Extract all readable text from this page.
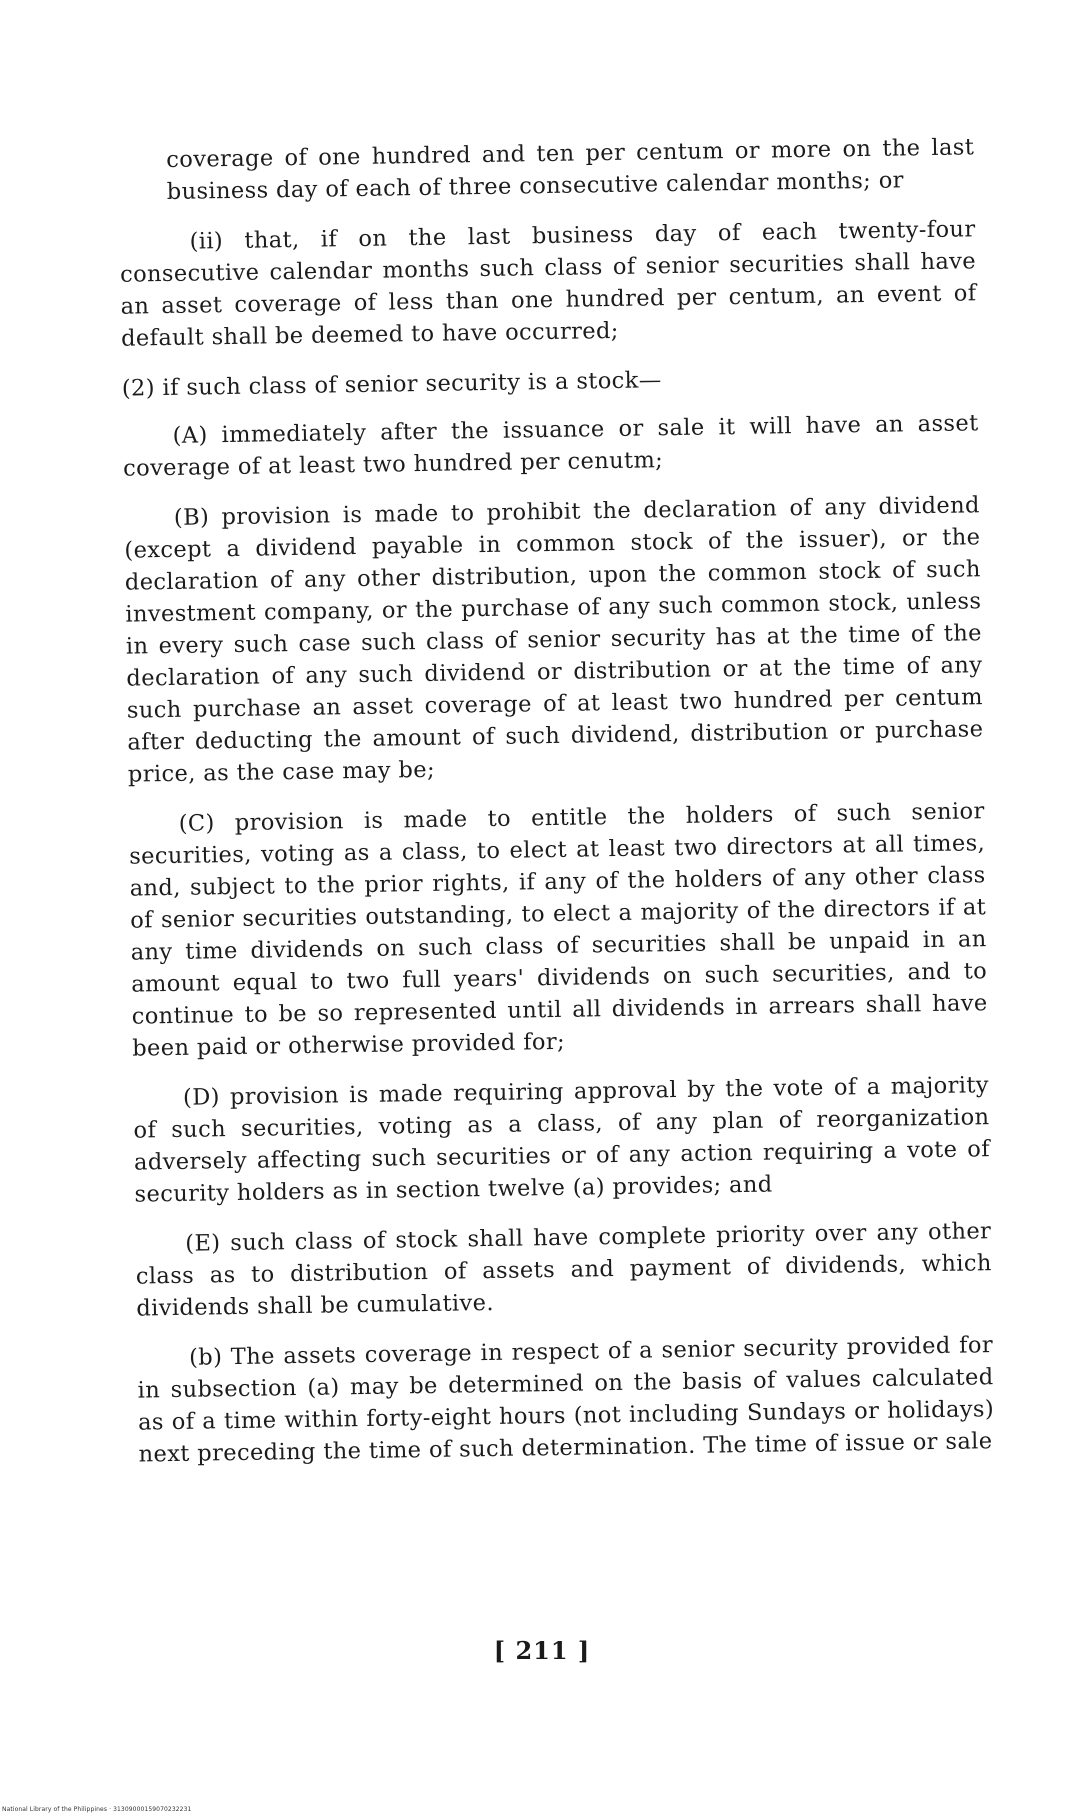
coverage of one hundred and ten per centum or more on the last business day of each of three consecutive calendar months; or

(ii) that, if on the last business day of each twenty-four consecutive calendar months such class of senior securities shall have an asset coverage of less than one hundred per centum, an event of default shall be deemed to have occurred;

(2) if such class of senior security is a stock—

(A) immediately after the issuance or sale it will have an asset coverage of at least two hundred per cenutm;

(B) provision is made to prohibit the declaration of any dividend (except a dividend payable in common stock of the issuer), or the declaration of any other distribution, upon the common stock of such investment company, or the purchase of any such common stock, unless in every such case such class of senior security has at the time of the declaration of any such dividend or distribution or at the time of any such purchase an asset coverage of at least two hundred per centum after deducting the amount of such dividend, distribution or purchase price, as the case may be;

(C) provision is made to entitle the holders of such senior securities, voting as a class, to elect at least two directors at all times, and, subject to the prior rights, if any of the holders of any other class of senior securities outstanding, to elect a majority of the directors if at any time dividends on such class of securities shall be unpaid in an amount equal to two full years' dividends on such securities, and to continue to be so represented until all dividends in arrears shall have been paid or otherwise provided for;

(D) provision is made requiring approval by the vote of a majority of such securities, voting as a class, of any plan of reorganization adversely affecting such securities or of any action requiring a vote of security holders as in section twelve (a) provides; and

(E) such class of stock shall have complete priority over any other class as to distribution of assets and payment of dividends, which dividends shall be cumulative.

(b) The assets coverage in respect of a senior security provided for in subsection (a) may be determined on the basis of values calculated as of a time within forty-eight hours (not including Sundays or holidays) next preceding the time of such determination. The time of issue or sale

[ 211 ]
National Library of the Philippines · 31309000159070232231
